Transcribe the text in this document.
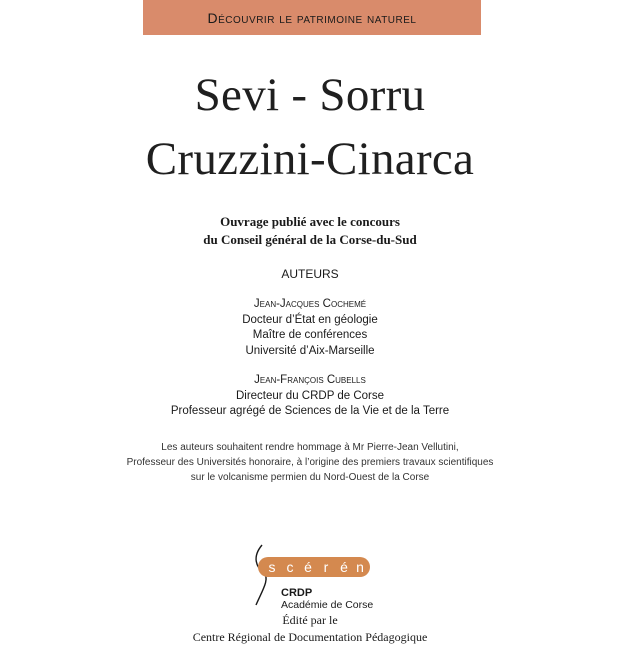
Découvrir le patrimoine naturel
Sevi - Sorru
Cruzzini-Cinarca
Ouvrage publié avec le concours
du Conseil général de la Corse-du-Sud
AUTEURS
Jean-Jacques Cochemé
Docteur d’État en géologie
Maître de conférences
Université d’Aix-Marseille
Jean-François Cubells
Directeur du CRDP de Corse
Professeur agrégé de Sciences de la Vie et de la Terre
Les auteurs souhaitent rendre hommage à Mr Pierre-Jean Vellutini,
Professeur des Universités honoraire, à l’origine des premiers travaux scientifiques
sur le volcanisme permien du Nord-Ouest de la Corse
s c é r é n
CRDP
Académie de Corse
Édité par le
Centre Régional de Documentation Pédagogique
